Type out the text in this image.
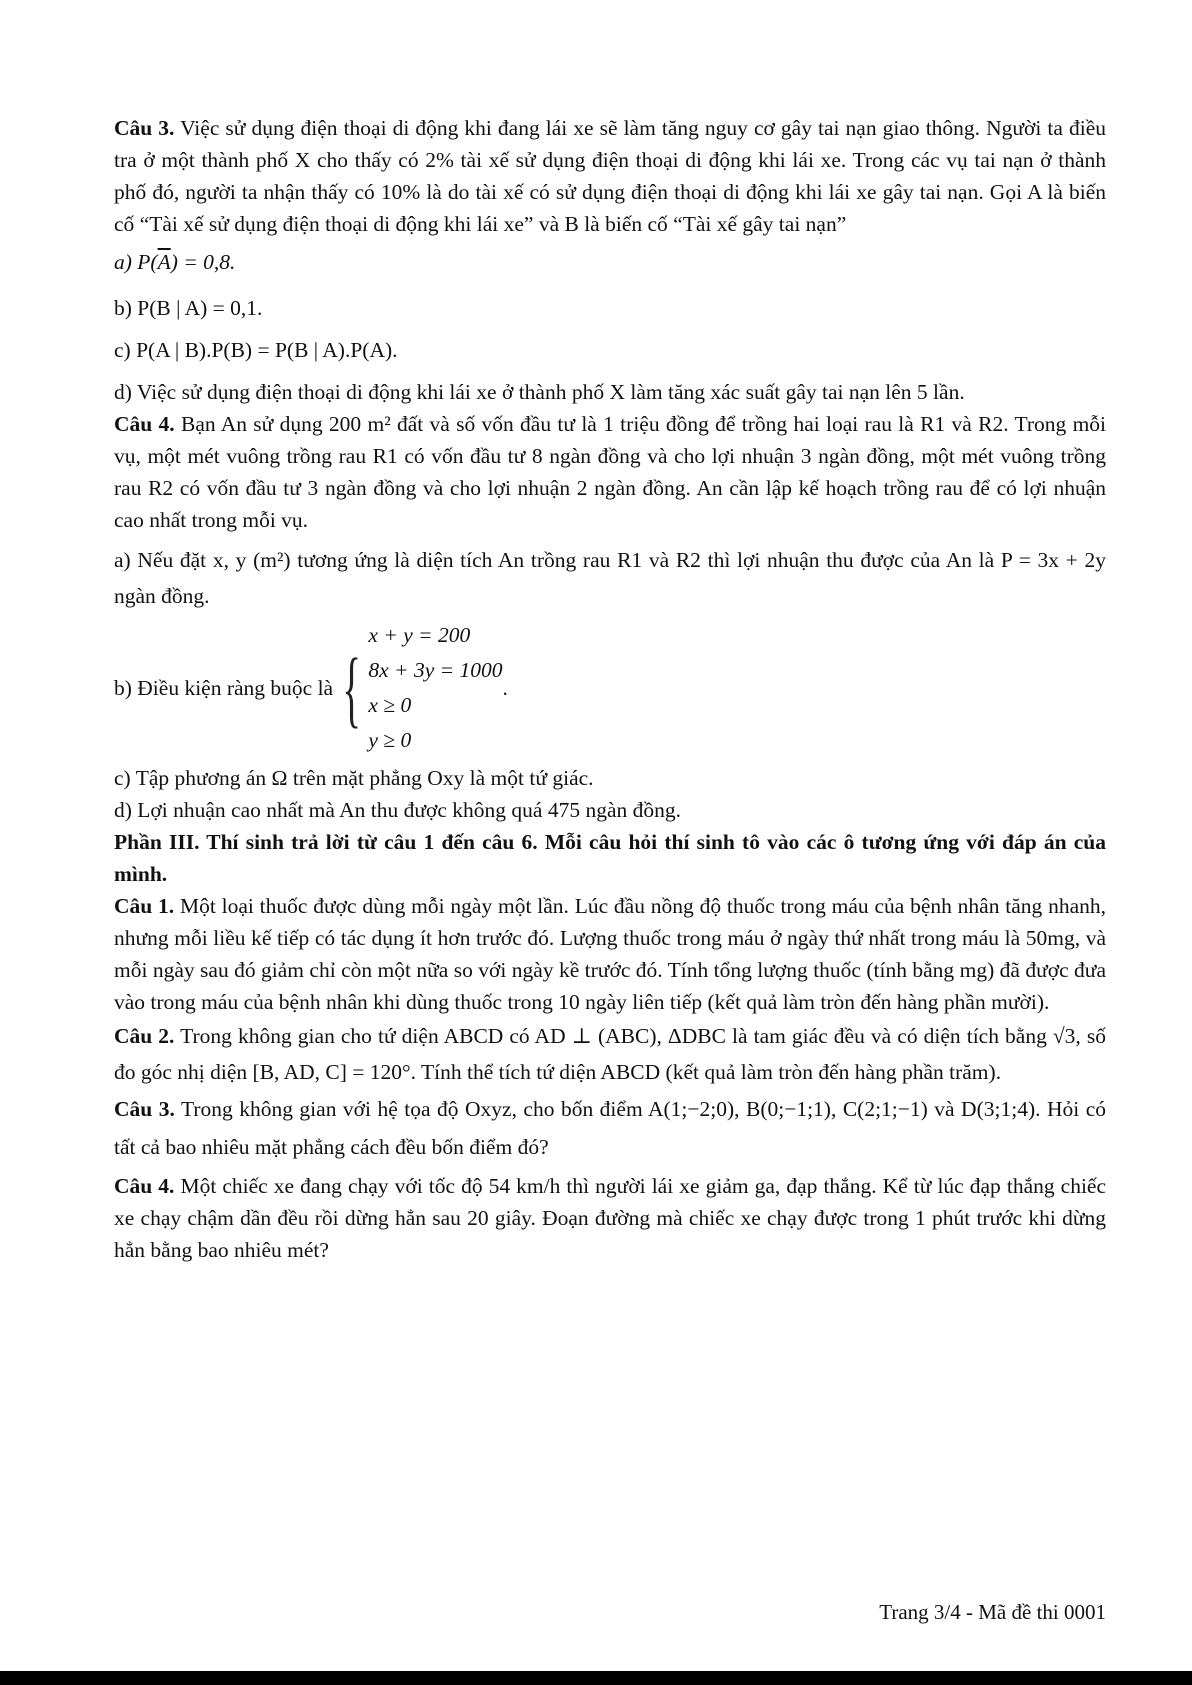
Câu 3. Việc sử dụng điện thoại di động khi đang lái xe sẽ làm tăng nguy cơ gây tai nạn giao thông. Người ta điều tra ở một thành phố X cho thấy có 2% tài xế sử dụng điện thoại di động khi lái xe. Trong các vụ tai nạn ở thành phố đó, người ta nhận thấy có 10% là do tài xế có sử dụng điện thoại di động khi lái xe gây tai nạn. Gọi A là biến cố “Tài xế sử dụng điện thoại di động khi lái xe” và B là biến cố “Tài xế gây tai nạn”

a) $P(\overline{A}) = 0,8$.

b) P(B | A) = 0,1.

c) P(A | B).P(B) = P(B | A).P(A).

d) Việc sử dụng điện thoại di động khi lái xe ở thành phố X làm tăng xác suất gây tai nạn lên 5 lần.

Câu 4. Bạn An sử dụng 200 m² đất và số vốn đầu tư là 1 triệu đồng để trồng hai loại rau là R1 và R2. Trong mỗi vụ, một mét vuông trồng rau R1 có vốn đầu tư 8 ngàn đồng và cho lợi nhuận 3 ngàn đồng, một mét vuông trồng rau R2 có vốn đầu tư 3 ngàn đồng và cho lợi nhuận 2 ngàn đồng. An cần lập kế hoạch trồng rau để có lợi nhuận cao nhất trong mỗi vụ.

a) Nếu đặt x, y (m²) tương ứng là diện tích An trồng rau R1 và R2 thì lợi nhuận thu được của An là P = 3x + 2y ngàn đồng.

b) Điều kiện ràng buộc là {
x + y = 200
8x + 3y = 1000
x ≥ 0
y ≥ 0
.

c) Tập phương án Ω trên mặt phẳng Oxy là một tứ giác.

d) Lợi nhuận cao nhất mà An thu được không quá 475 ngàn đồng.

Phần III. Thí sinh trả lời từ câu 1 đến câu 6. Mỗi câu hỏi thí sinh tô vào các ô tương ứng với đáp án của mình.

Câu 1. Một loại thuốc được dùng mỗi ngày một lần. Lúc đầu nồng độ thuốc trong máu của bệnh nhân tăng nhanh, nhưng mỗi liều kế tiếp có tác dụng ít hơn trước đó. Lượng thuốc trong máu ở ngày thứ nhất trong máu là 50mg, và mỗi ngày sau đó giảm chỉ còn một nữa so với ngày kề trước đó. Tính tổng lượng thuốc (tính bằng mg) đã được đưa vào trong máu của bệnh nhân khi dùng thuốc trong 10 ngày liên tiếp (kết quả làm tròn đến hàng phần mười).

Câu 2. Trong không gian cho tứ diện ABCD có AD ⊥ (ABC), ΔDBC là tam giác đều và có diện tích bằng √3, số đo góc nhị diện [B, AD, C] = 120°. Tính thể tích tứ diện ABCD (kết quả làm tròn đến hàng phần trăm).

Câu 3. Trong không gian với hệ tọa độ Oxyz, cho bốn điểm A(1;−2;0), B(0;−1;1), C(2;1;−1) và D(3;1;4). Hỏi có tất cả bao nhiêu mặt phẳng cách đều bốn điểm đó?

Câu 4. Một chiếc xe đang chạy với tốc độ 54 km/h thì người lái xe giảm ga, đạp thắng. Kể từ lúc đạp thắng chiếc xe chạy chậm dần đều rồi dừng hẳn sau 20 giây. Đoạn đường mà chiếc xe chạy được trong 1 phút trước khi dừng hẳn bằng bao nhiêu mét?

Trang 3/4 - Mã đề thi 0001
